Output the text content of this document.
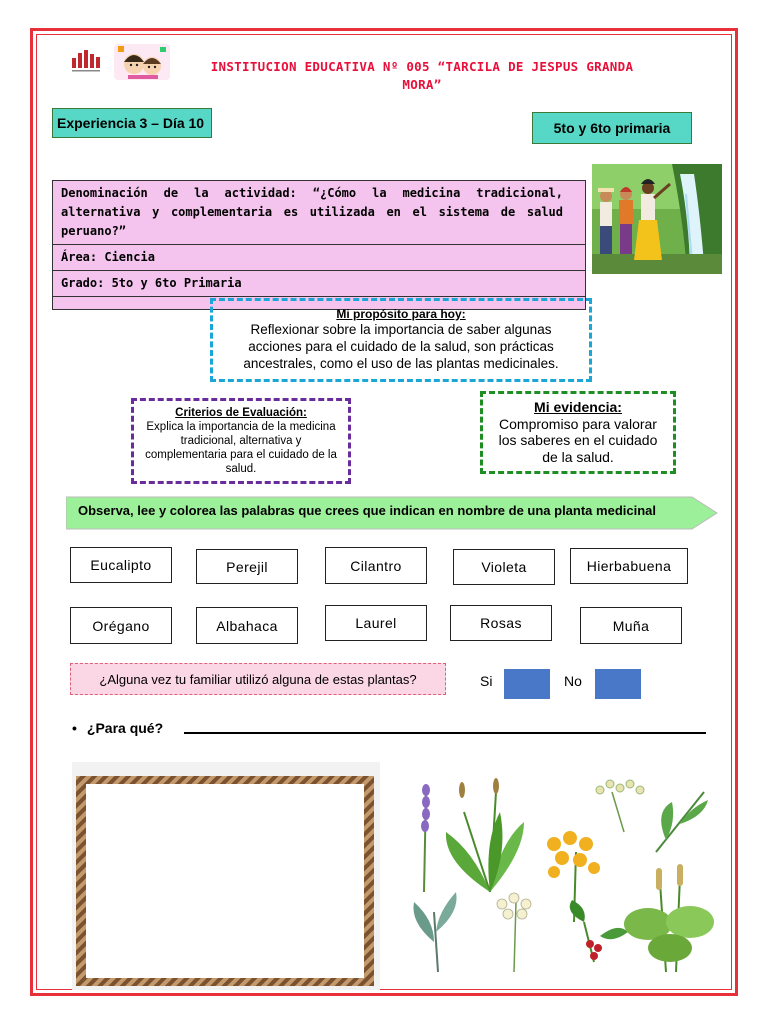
INSTITUCION EDUCATIVA Nº 005 “TARCILA DE JESPUS GRANDA
MORA”
Experiencia 3 – Día 10	5to y 6to primaria
Denominación de la actividad: “¿Cómo la medicina tradicional, alternativa y complementaria es utilizada en el sistema de salud peruano?”
Área: Ciencia
Grado: 5to y 6to Primaria
Mi propósito para hoy:
Reflexionar sobre la importancia de saber algunas acciones para el cuidado de la salud, son prácticas ancestrales, como el uso de las plantas medicinales.
Criterios de Evaluación:
Explica la importancia de la medicina tradicional, alternativa y complementaria para el cuidado de la salud.
Mi evidencia:
Compromiso para valorar los saberes en el cuidado de la salud.
Observa, lee y colorea las palabras que crees que indican en nombre de una planta medicinal
Eucalipto	Perejil	Cilantro	Violeta	Hierbabuena
Orégano	Albahaca	Laurel	Rosas	Muña
¿Alguna vez tu familiar utilizó alguna de estas plantas?	Si	No
• ¿Para qué?
